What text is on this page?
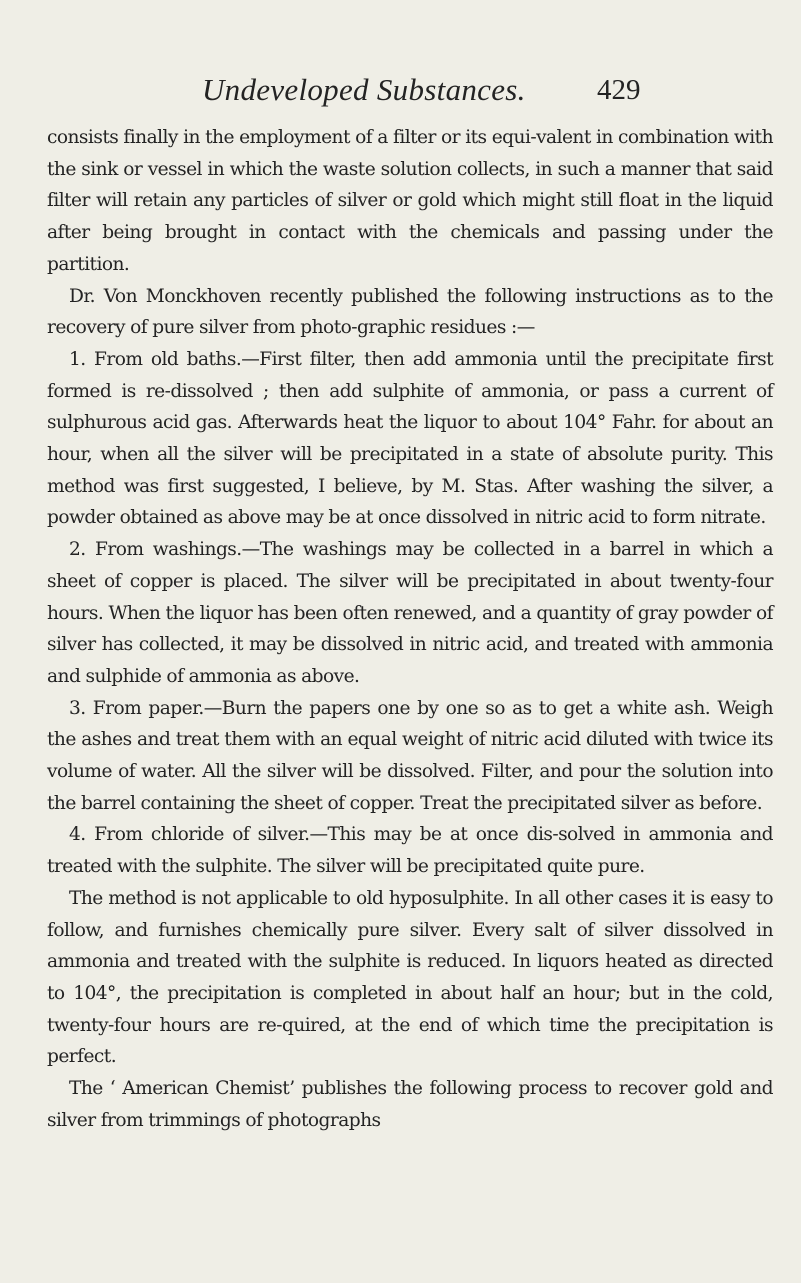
Undeveloped Substances. 429

consists finally in the employment of a filter or its equi-valent in combination with the sink or vessel in which the waste solution collects, in such a manner that said filter will retain any particles of silver or gold which might still float in the liquid after being brought in contact with the chemicals and passing under the partition.

Dr. Von Monckhoven recently published the following instructions as to the recovery of pure silver from photo-graphic residues :—

1. From old baths.—First filter, then add ammonia until the precipitate first formed is re-dissolved ; then add sulphite of ammonia, or pass a current of sulphurous acid gas. Afterwards heat the liquor to about 104° Fahr. for about an hour, when all the silver will be precipitated in a state of absolute purity. This method was first suggested, I believe, by M. Stas. After washing the silver, a powder obtained as above may be at once dissolved in nitric acid to form nitrate.

2. From washings.—The washings may be collected in a barrel in which a sheet of copper is placed. The silver will be precipitated in about twenty-four hours. When the liquor has been often renewed, and a quantity of gray powder of silver has collected, it may be dissolved in nitric acid, and treated with ammonia and sulphide of ammonia as above.

3. From paper.—Burn the papers one by one so as to get a white ash. Weigh the ashes and treat them with an equal weight of nitric acid diluted with twice its volume of water. All the silver will be dissolved. Filter, and pour the solution into the barrel containing the sheet of copper. Treat the precipitated silver as before.

4. From chloride of silver.—This may be at once dis-solved in ammonia and treated with the sulphite. The silver will be precipitated quite pure.

The method is not applicable to old hyposulphite. In all other cases it is easy to follow, and furnishes chemically pure silver. Every salt of silver dissolved in ammonia and treated with the sulphite is reduced. In liquors heated as directed to 104°, the precipitation is completed in about half an hour; but in the cold, twenty-four hours are re-quired, at the end of which time the precipitation is perfect.

The ‘ American Chemist’ publishes the following process to recover gold and silver from trimmings of photographs
